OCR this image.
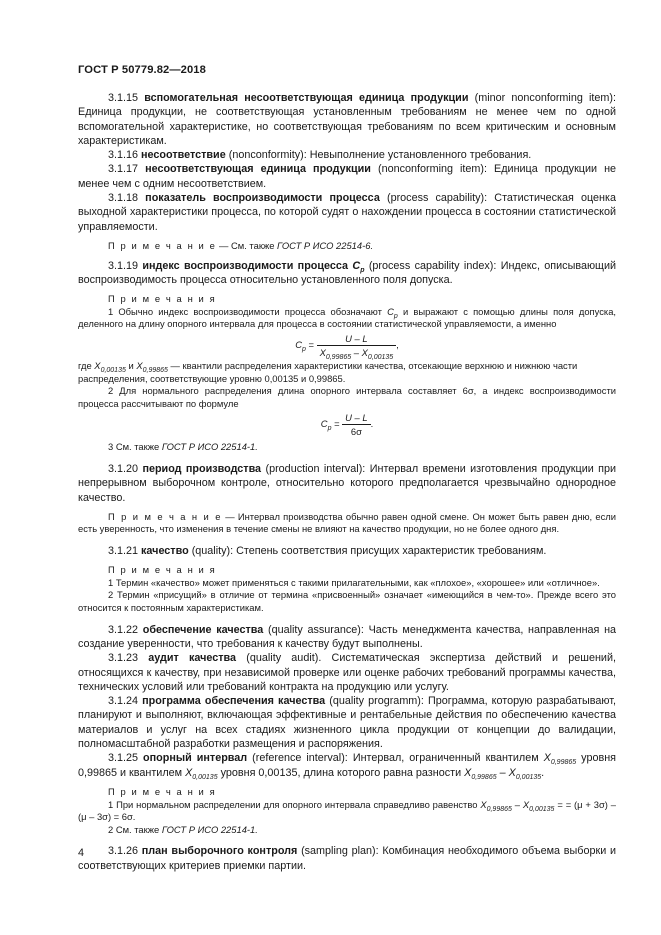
ГОСТ Р 50779.82—2018

3.1.15 вспомогательная несоответствующая единица продукции (minor nonconforming item): Единица продукции, не соответствующая установленным требованиям не менее чем по одной вспомогательной характеристике, но соответствующая требованиям по всем критическим и основным характеристикам.

3.1.16 несоответствие (nonconformity): Невыполнение установленного требования.

3.1.17 несоответствующая единица продукции (nonconforming item): Единица продукции не менее чем с одним несоответствием.

3.1.18 показатель воспроизводимости процесса (process capability): Статистическая оценка выходной характеристики процесса, по которой судят о нахождении процесса в состоянии статистической управляемости.

П р и м е ч а н и е — См. также ГОСТ Р ИСО 22514-6.

3.1.19 индекс воспроизводимости процесса $C_p$ (process capability index): Индекс, описывающий воспроизводимость процесса относительно установленного поля допуска.

П р и м е ч а н и я

1 Обычно индекс воспроизводимости процесса обозначают $C_p$ и выражают с помощью длины поля допуска, деленного на длину опорного интервала для процесса в состоянии статистической управляемости, а именно

$C_p = \frac{U - L}{X_{0,99865} - X_{0,00135}}$ ,
где $X_{0,00135}$ и $X_{0,99865}$ — квантили распределения характеристики качества, отсекающие верхнюю и нижнюю части распределения, соответствующие уровню 0,00135 и 0,99865.

2 Для нормального распределения длина опорного интервала составляет 6σ, а индекс воспроизводимости процесса рассчитывают по формуле

$C_p = \frac{U - L}{6\sigma}$ .

3 См. также ГОСТ Р ИСО 22514-1.

3.1.20 период производства (production interval): Интервал времени изготовления продукции при непрерывном выборочном контроле, относительно которого предполагается чрезвычайно однородное качество.

П р и м е ч а н и е — Интервал производства обычно равен одной смене. Он может быть равен дню, если есть уверенность, что изменения в течение смены не влияют на качество продукции, но не более одного дня.

3.1.21 качество (quality): Степень соответствия присущих характеристик требованиям.

П р и м е ч а н и я

1 Термин «качество» может применяться с такими прилагательными, как «плохое», «хорошее» или «отличное».

2 Термин «присущий» в отличие от термина «присвоенный» означает «имеющийся в чем-то». Прежде всего это относится к постоянным характеристикам.

3.1.22 обеспечение качества (quality assurance): Часть менеджмента качества, направленная на создание уверенности, что требования к качеству будут выполнены.

3.1.23 аудит качества (quality audit). Систематическая экспертиза действий и решений, относящихся к качеству, при независимой проверке или оценке рабочих требований программы качества, технических условий или требований контракта на продукцию или услугу.

3.1.24 программа обеспечения качества (quality programm): Программа, которую разрабатывают, планируют и выполняют, включающая эффективные и рентабельные действия по обеспечению качества материалов и услуг на всех стадиях жизненного цикла продукции от концепции до валидации, полномасштабной разработки размещения и распоряжения.

3.1.25 опорный интервал (reference interval): Интервал, ограниченный квантилем $X_{0,99865}$ уровня 0,99865 и квантилем $X_{0,00135}$ уровня 0,00135, длина которого равна разности $X_{0,99865} - X_{0,00135}$.

П р и м е ч а н и я

1 При нормальном распределении для опорного интервала справедливо равенство $X_{0,99865} - X_{0,00135}$ = = (μ + 3σ) – (μ – 3σ) = 6σ.

2 См. также ГОСТ Р ИСО 22514-1.

3.1.26 план выборочного контроля (sampling plan): Комбинация необходимого объема выборки и соответствующих критериев приемки партии.

4
